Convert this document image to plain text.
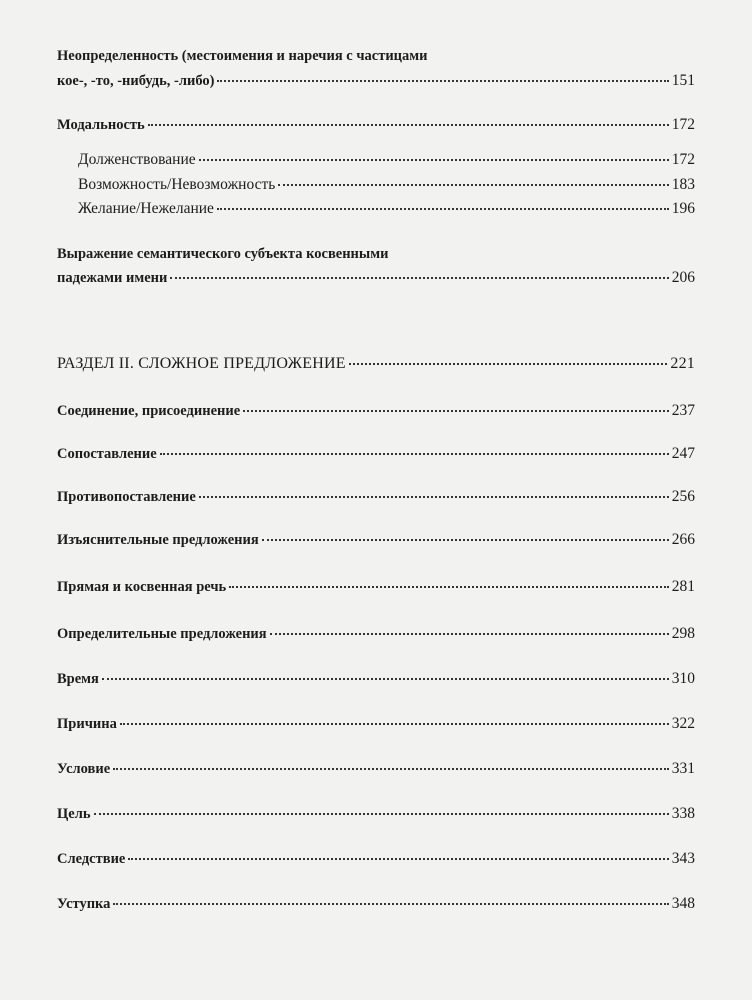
Неопределенность (местоимения и наречия с частицами
кое-, -то, -нибудь, -либо)	151
Модальность	172
Долженствование	172
Возможность/Невозможность	183
Желание/Нежелание	196
Выражение семантического субъекта косвенными
падежами имени	206
РАЗДЕЛ II. СЛОЖНОЕ ПРЕДЛОЖЕНИЕ	221
Соединение, присоединение	237
Сопоставление	247
Противопоставление	256
Изъяснительные предложения	266
Прямая и косвенная речь	281
Определительные предложения	298
Время	310
Причина	322
Условие	331
Цель	338
Следствие	343
Уступка	348
